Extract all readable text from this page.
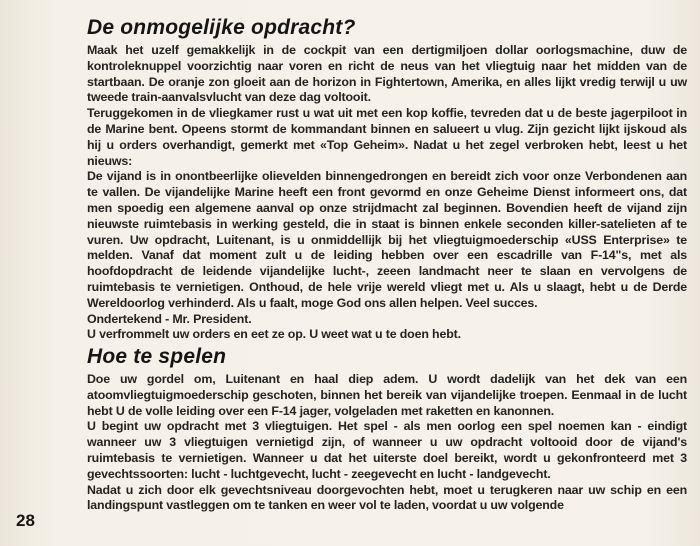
De onmogelijke opdracht?

Maak het uzelf gemakkelijk in de cockpit van een dertigmiljoen dollar oorlogsmachine, duw de kontroleknuppel voorzichtig naar voren en richt de neus van het vliegtuig naar het midden van de startbaan. De oranje zon gloeit aan de horizon in Fightertown, Amerika, en alles lijkt vredig terwijl u uw tweede train-aanvalsvlucht van deze dag voltooit.

Teruggekomen in de vliegkamer rust u wat uit met een kop koffie, tevreden dat u de beste jagerpiloot in de Marine bent. Opeens stormt de kommandant binnen en salueert u vlug. Zijn gezicht lijkt ijskoud als hij u orders overhandigt, gemerkt met «Top Geheim». Nadat u het zegel verbroken hebt, leest u het nieuws:

De vijand is in onontbeerlijke olievelden binnengedrongen en bereidt zich voor onze Verbondenen aan te vallen. De vijandelijke Marine heeft een front gevormd en onze Geheime Dienst informeert ons, dat men spoedig een algemene aanval op onze strijdmacht zal beginnen. Bovendien heeft de vijand zijn nieuwste ruimtebasis in werking gesteld, die in staat is binnen enkele seconden killer-satelieten af te vuren. Uw opdracht, Luitenant, is u onmiddellijk bij het vliegtuigmoederschip «USS Enterprise» te melden. Vanaf dat moment zult u de leiding hebben over een escadrille van F-14"s, met als hoofdopdracht de leidende vijandelijke lucht-, zeeen landmacht neer te slaan en vervolgens de ruimtebasis te vernietigen. Onthoud, de hele vrije wereld vliegt met u. Als u slaagt, hebt u de Derde Wereldoorlog verhinderd. Als u faalt, moge God ons allen helpen. Veel succes.

Ondertekend - Mr. President.

U verfrommelt uw orders en eet ze op. U weet wat u te doen hebt.

Hoe te spelen

Doe uw gordel om, Luitenant en haal diep adem. U wordt dadelijk van het dek van een atoomvliegtuigmoederschip geschoten, binnen het bereik van vijandelijke troepen. Eenmaal in de lucht hebt U de volle leiding over een F-14 jager, volgeladen met raketten en kanonnen.

U begint uw opdracht met 3 vliegtuigen. Het spel - als men oorlog een spel noemen kan - eindigt wanneer uw 3 vliegtuigen vernietigd zijn, of wanneer u uw opdracht voltooid door de vijand's ruimtebasis te vernietigen. Wanneer u dat het uiterste doel bereikt, wordt u gekonfronteerd met 3 gevechtssoorten: lucht - luchtgevecht, lucht - zeegevecht en lucht - landgevecht.

Nadat u zich door elk gevechtsniveau doorgevochten hebt, moet u terugkeren naar uw schip en een landingspunt vastleggen om te tanken en weer vol te laden, voordat u uw volgende

28
